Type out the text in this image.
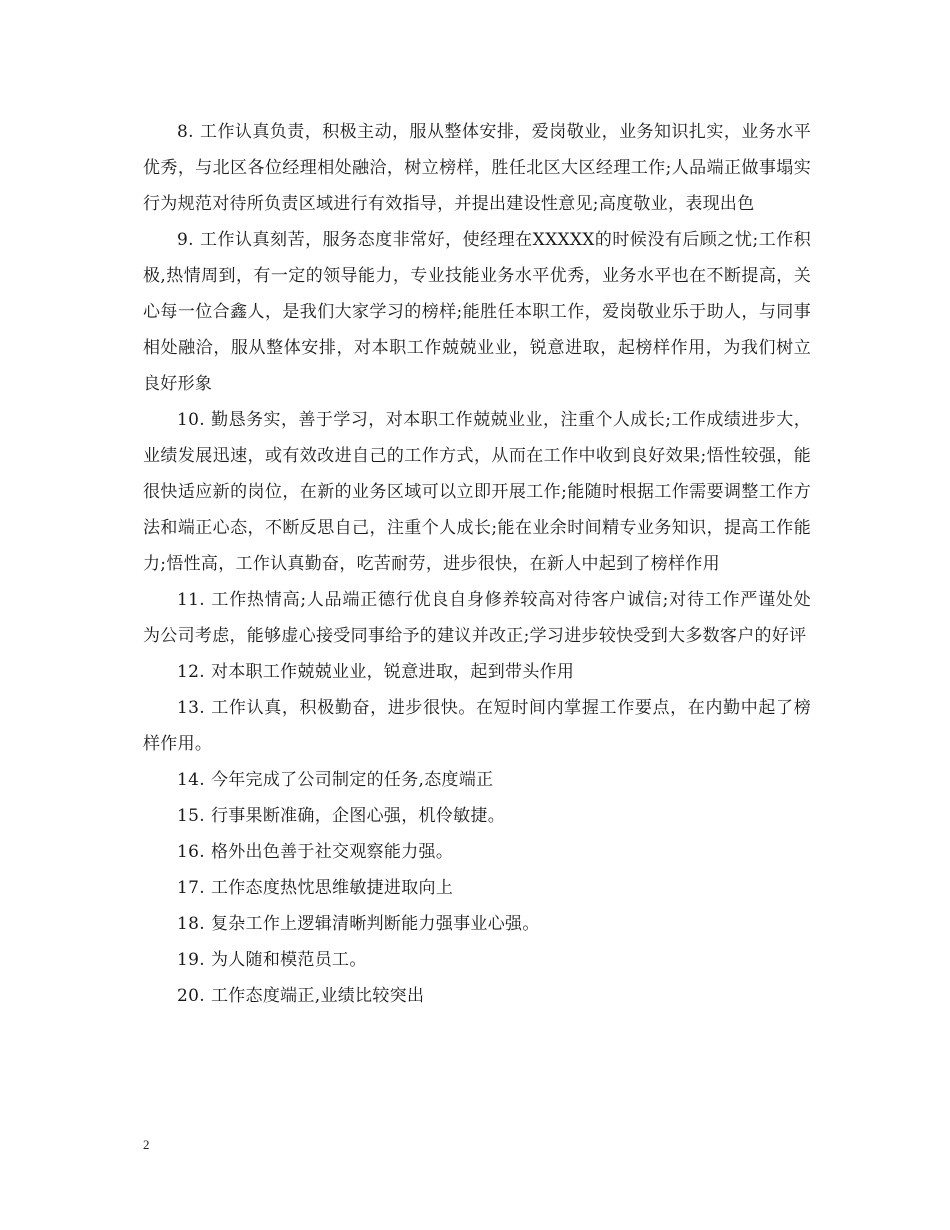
8. 工作认真负责，积极主动，服从整体安排，爱岗敬业，业务知识扎实，业务水平优秀，与北区各位经理相处融洽，树立榜样，胜任北区大区经理工作;人品端正做事塌实行为规范对待所负责区域进行有效指导，并提出建设性意见;高度敬业，表现出色

9. 工作认真刻苦，服务态度非常好，使经理在XXXXX的时候没有后顾之忧;工作积极,热情周到，有一定的领导能力，专业技能业务水平优秀，业务水平也在不断提高，关心每一位合鑫人，是我们大家学习的榜样;能胜任本职工作，爱岗敬业乐于助人，与同事相处融洽，服从整体安排，对本职工作兢兢业业，锐意进取，起榜样作用，为我们树立良好形象

10. 勤恳务实，善于学习，对本职工作兢兢业业，注重个人成长;工作成绩进步大，业绩发展迅速，或有效改进自己的工作方式，从而在工作中收到良好效果;悟性较强，能很快适应新的岗位，在新的业务区域可以立即开展工作;能随时根据工作需要调整工作方法和端正心态，不断反思自己，注重个人成长;能在业余时间精专业务知识，提高工作能力;悟性高，工作认真勤奋，吃苦耐劳，进步很快，在新人中起到了榜样作用

11. 工作热情高;人品端正德行优良自身修养较高对待客户诚信;对待工作严谨处处为公司考虑，能够虚心接受同事给予的建议并改正;学习进步较快受到大多数客户的好评

12. 对本职工作兢兢业业，锐意进取，起到带头作用

13. 工作认真，积极勤奋，进步很快。在短时间内掌握工作要点，在内勤中起了榜样作用。

14. 今年完成了公司制定的任务,态度端正

15. 行事果断准确，企图心强，机伶敏捷。

16. 格外出色善于社交观察能力强。

17. 工作态度热忱思维敏捷进取向上

18. 复杂工作上逻辑清晰判断能力强事业心强。

19. 为人随和模范员工。

20. 工作态度端正,业绩比较突出

2
